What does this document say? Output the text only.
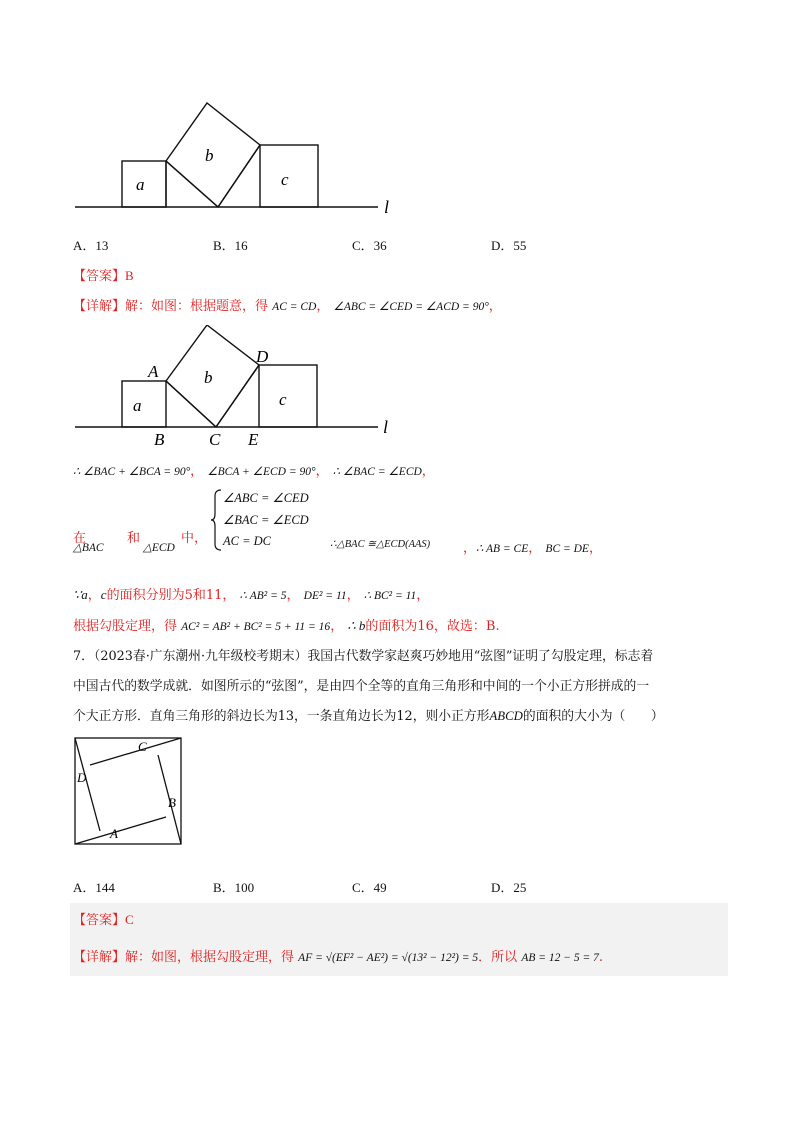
a
b
c
l
A．13	B．16	C．36	D．55
【答案】B
【详解】解：如图：根据题意，得 AC = CD， ∠ABC = ∠CED = ∠ACD = 90°，
A
D
a
b
c
B	C E
l
∴ ∠BAC + ∠BCA = 90°， ∠BCA + ∠ECD = 90°， ∴ ∠BAC = ∠ECD，
在
△BAC
和
△ECD
中，
∠ABC = ∠CED
∠BAC = ∠ECD
AC = DC	∴△BAC ≅△ECD(AAS)	，∴ AB = CE， BC = DE，
∵a，c的面积分别为5和11， ∴ AB² = 5， DE² = 11， ∴ BC² = 11，
根据勾股定理，得 AC² = AB² + BC² = 5 + 11 = 16， ∴ b的面积为16，故选：B.
7．（2023春·广东潮州·九年级校考期末）我国古代数学家赵爽巧妙地用“弦图”证明了勾股定理，标志着
中国古代的数学成就．如图所示的“弦图”，是由四个全等的直角三角形和中间的一个小正方形拼成的一
个大正方形．直角三角形的斜边长为13，一条直角边长为12，则小正方形ABCD的面积的大小为（　　）
A
B
C
D
A．144	B．100	C．49	D．25
【答案】C
【详解】解：如图，根据勾股定理，得 AF = √(EF² − AE²) = √(13² − 12²) = 5．所以 AB = 12 − 5 = 7.
